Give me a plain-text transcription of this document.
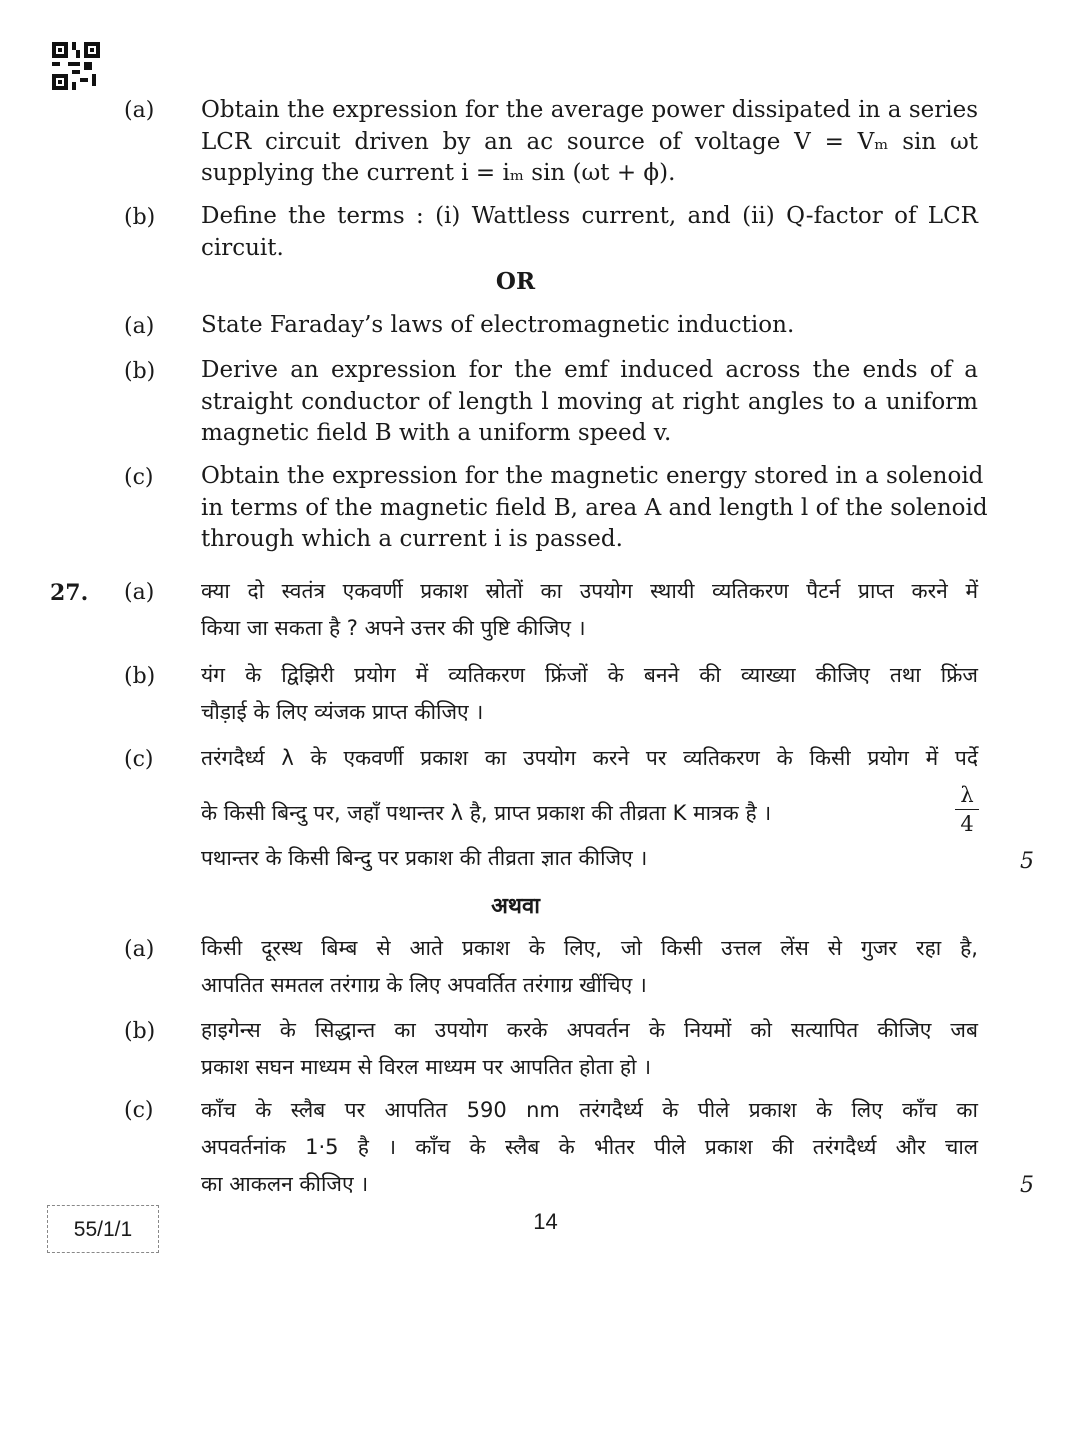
(a) Obtain the expression for the average power dissipated in a series
LCR circuit driven by an ac source of voltage V = Vₘ sin ωt
supplying the current i = iₘ sin (ωt + ϕ).
(b) Define the terms : (i) Wattless current, and (ii) Q-factor of LCR
circuit.
OR
(a) State Faraday’s laws of electromagnetic induction.
(b) Derive an expression for the emf induced across the ends of a
straight conductor of length l moving at right angles to a uniform
magnetic field B with a uniform speed v.
(c) Obtain the expression for the magnetic energy stored in a solenoid
in terms of the magnetic field B, area A and length l of the solenoid
through which a current i is passed.
27. (a) क्या दो स्वतंत्र एकवर्णी प्रकाश स्रोतों का उपयोग स्थायी व्यतिकरण पैटर्न प्राप्त करने में
किया जा सकता है ? अपने उत्तर की पुष्टि कीजिए ।
(b) यंग के द्विझिरी प्रयोग में व्यतिकरण फ्रिंजों के बनने की व्याख्या कीजिए तथा फ्रिंज
चौड़ाई के लिए व्यंजक प्राप्त कीजिए ।
(c) तरंगदैर्ध्य λ के एकवर्णी प्रकाश का उपयोग करने पर व्यतिकरण के किसी प्रयोग में पर्दे
के किसी बिन्दु पर, जहाँ पथान्तर λ है, प्राप्त प्रकाश की तीव्रता K मात्रक है ।
पथान्तर के किसी बिन्दु पर प्रकाश की तीव्रता ज्ञात कीजिए ।
λ
4
5
अथवा
(a) किसी दूरस्थ बिम्ब से आते प्रकाश के लिए, जो किसी उत्तल लेंस से गुजर रहा है,
आपतित समतल तरंगाग्र के लिए अपवर्तित तरंगाग्र खींचिए ।
(b) हाइगेन्स के सिद्धान्त का उपयोग करके अपवर्तन के नियमों को सत्यापित कीजिए जब
प्रकाश सघन माध्यम से विरल माध्यम पर आपतित होता हो ।
(c) काँच के स्लैब पर आपतित 590 nm तरंगदैर्ध्य के पीले प्रकाश के लिए काँच का
अपवर्तनांक 1·5 है । काँच के स्लैब के भीतर पीले प्रकाश की तरंगदैर्ध्य और चाल
का आकलन कीजिए ।	5
55/1/1	14
